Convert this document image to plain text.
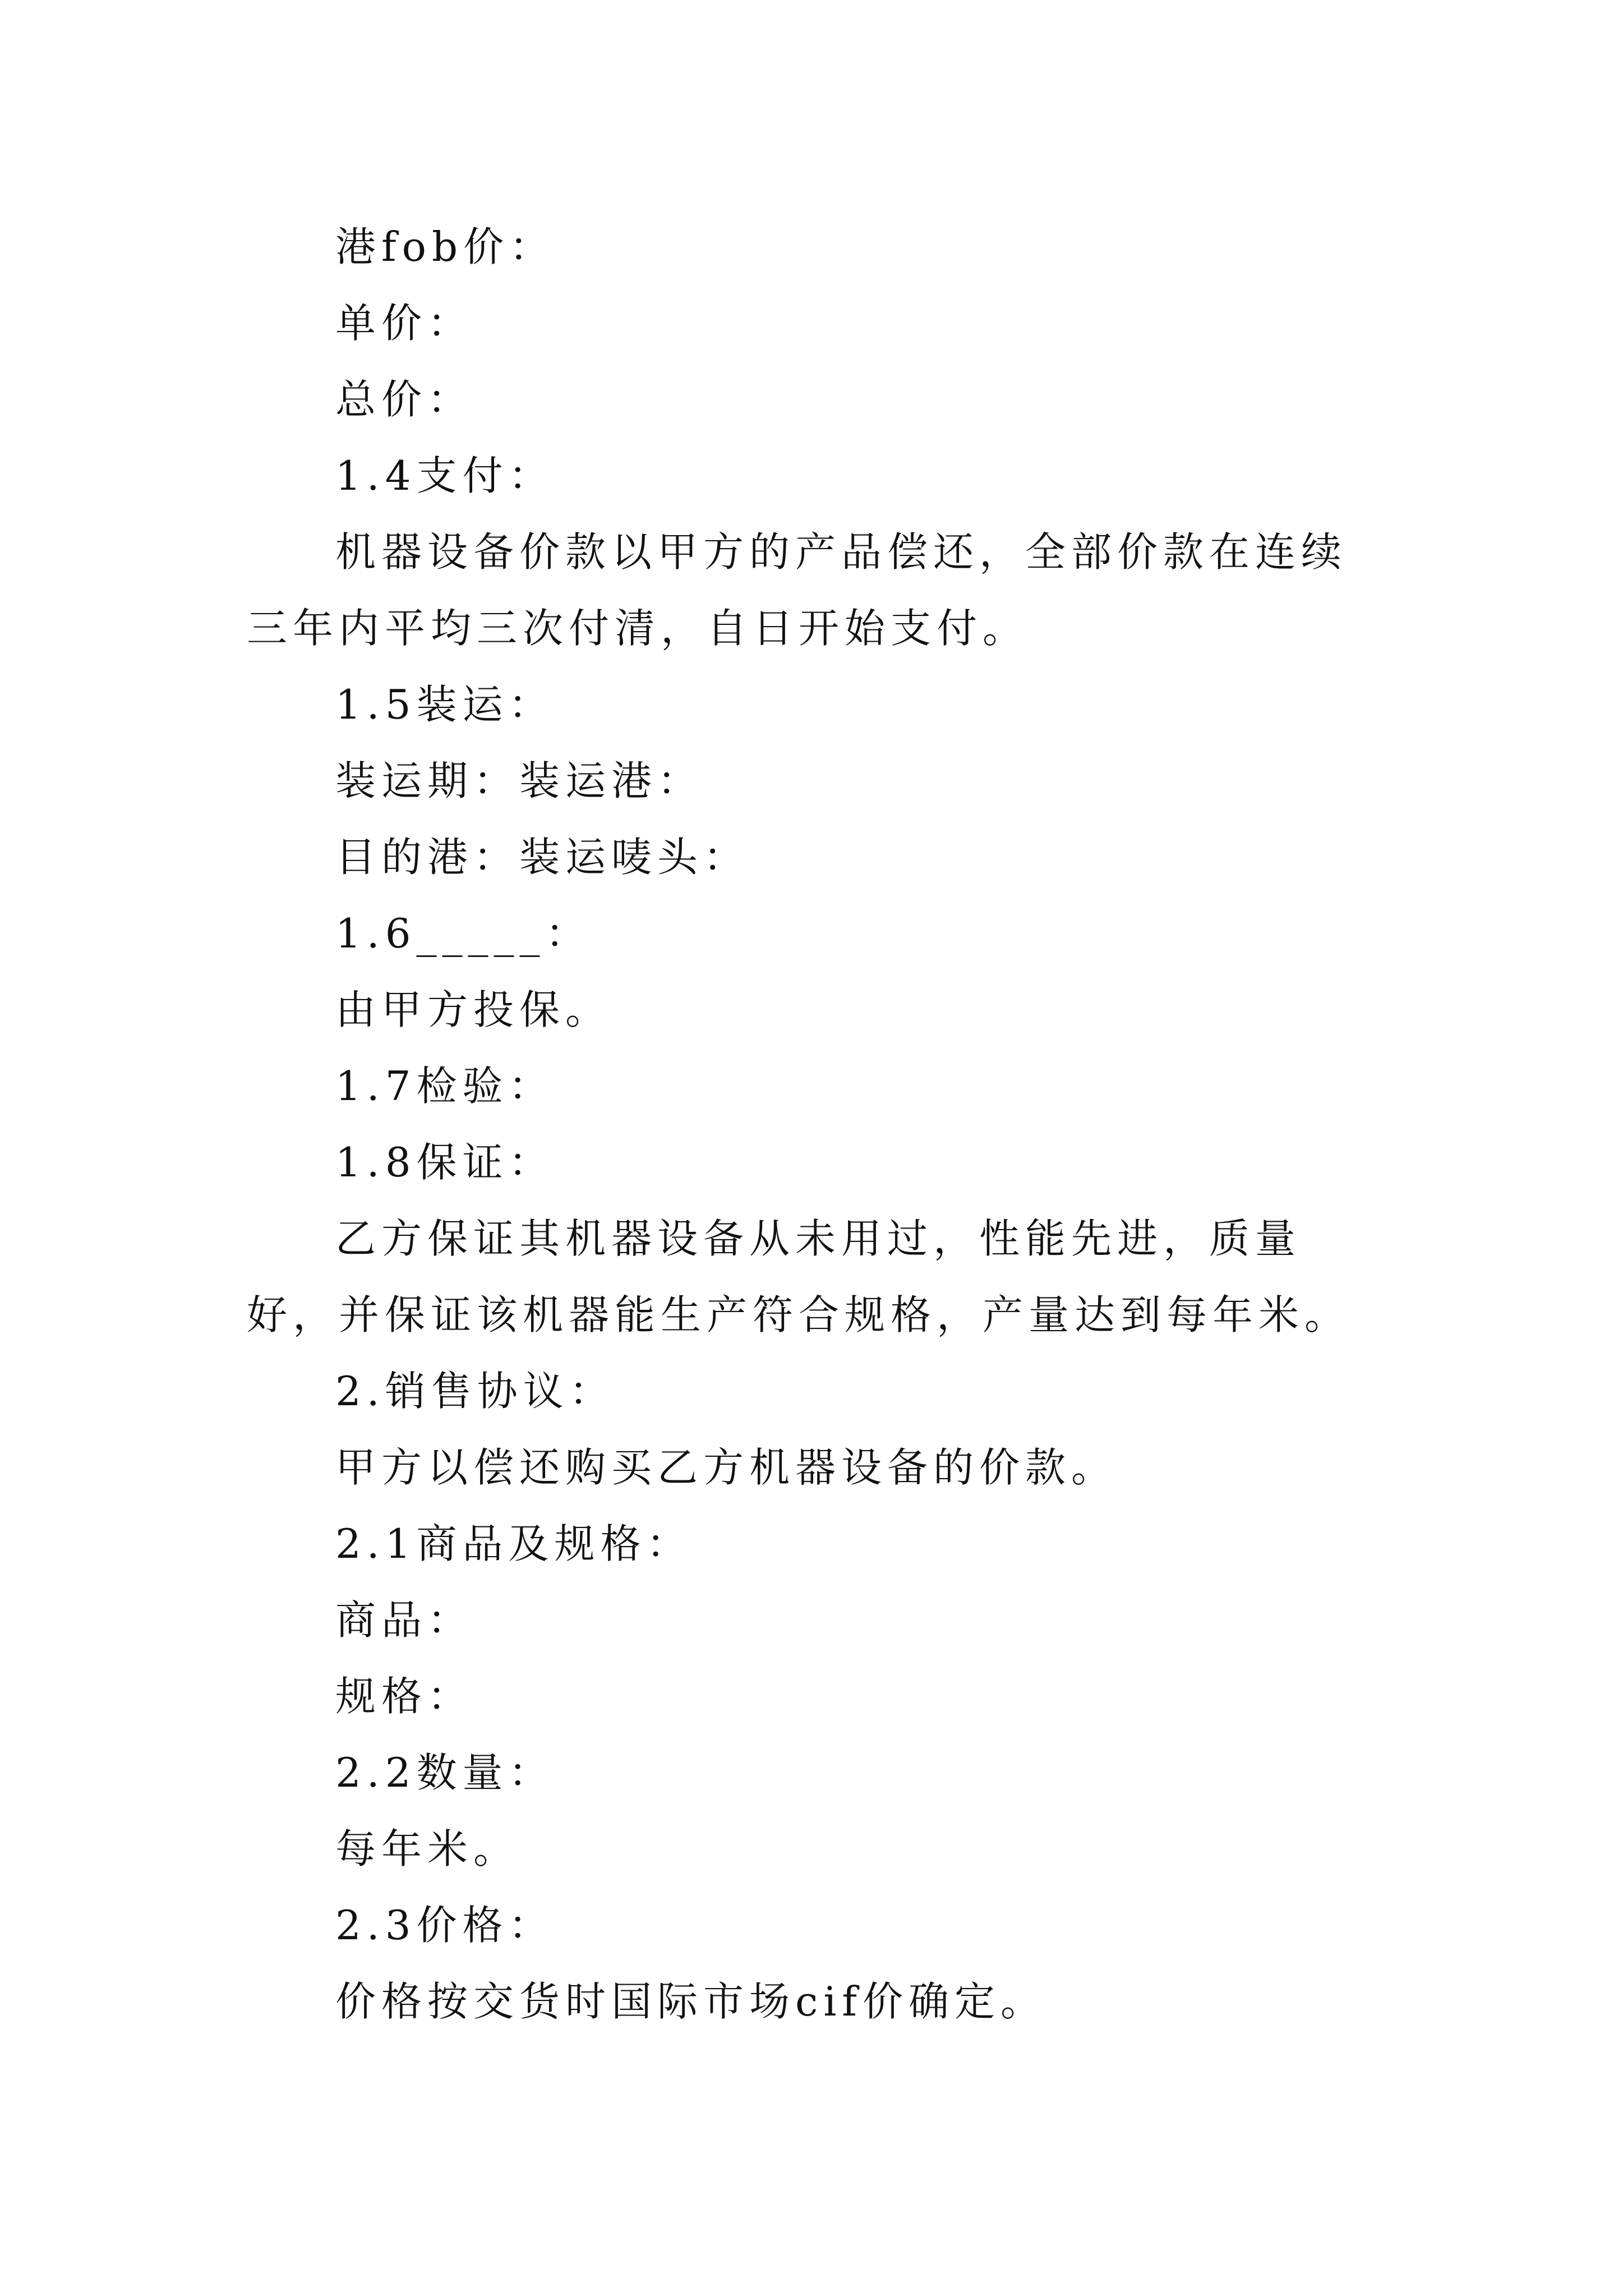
港fob价：

单价：

总价：

1.4支付：

机器设备价款以甲方的产品偿还，全部价款在连续三年内平均三次付清，自日开始支付。

1.5装运：

装运期：装运港：

目的港：装运唛头：

1.6_____：

由甲方投保。

1.7检验：

1.8保证：

乙方保证其机器设备从未用过，性能先进，质量好，并保证该机器能生产符合规格，产量达到每年米。

2.销售协议：

甲方以偿还购买乙方机器设备的价款。

2.1商品及规格：

商品：

规格：

2.2数量：

每年米。

2.3价格：

价格按交货时国际市场cif价确定。
